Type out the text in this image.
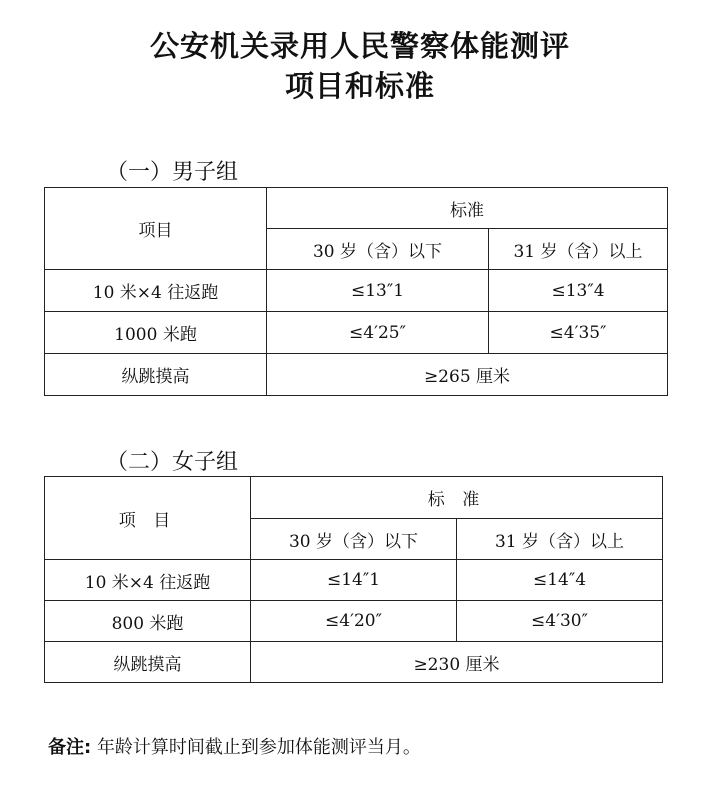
公安机关录用人民警察体能测评
项目和标准
（一）男子组
项目	标准	
	30 岁（含）以下	31 岁（含）以上
10 米×4 往返跑	≤13″1	≤13″4
1000 米跑	≤4′25″	≤4′35″
纵跳摸高	≥265 厘米	
（二）女子组
项 目	标 准	
	30 岁（含）以下	31 岁（含）以上
10 米×4 往返跑	≤14″1	≤14″4
800 米跑	≤4′20″	≤4′30″
纵跳摸高	≥230 厘米	
备注: 年龄计算时间截止到参加体能测评当月。
